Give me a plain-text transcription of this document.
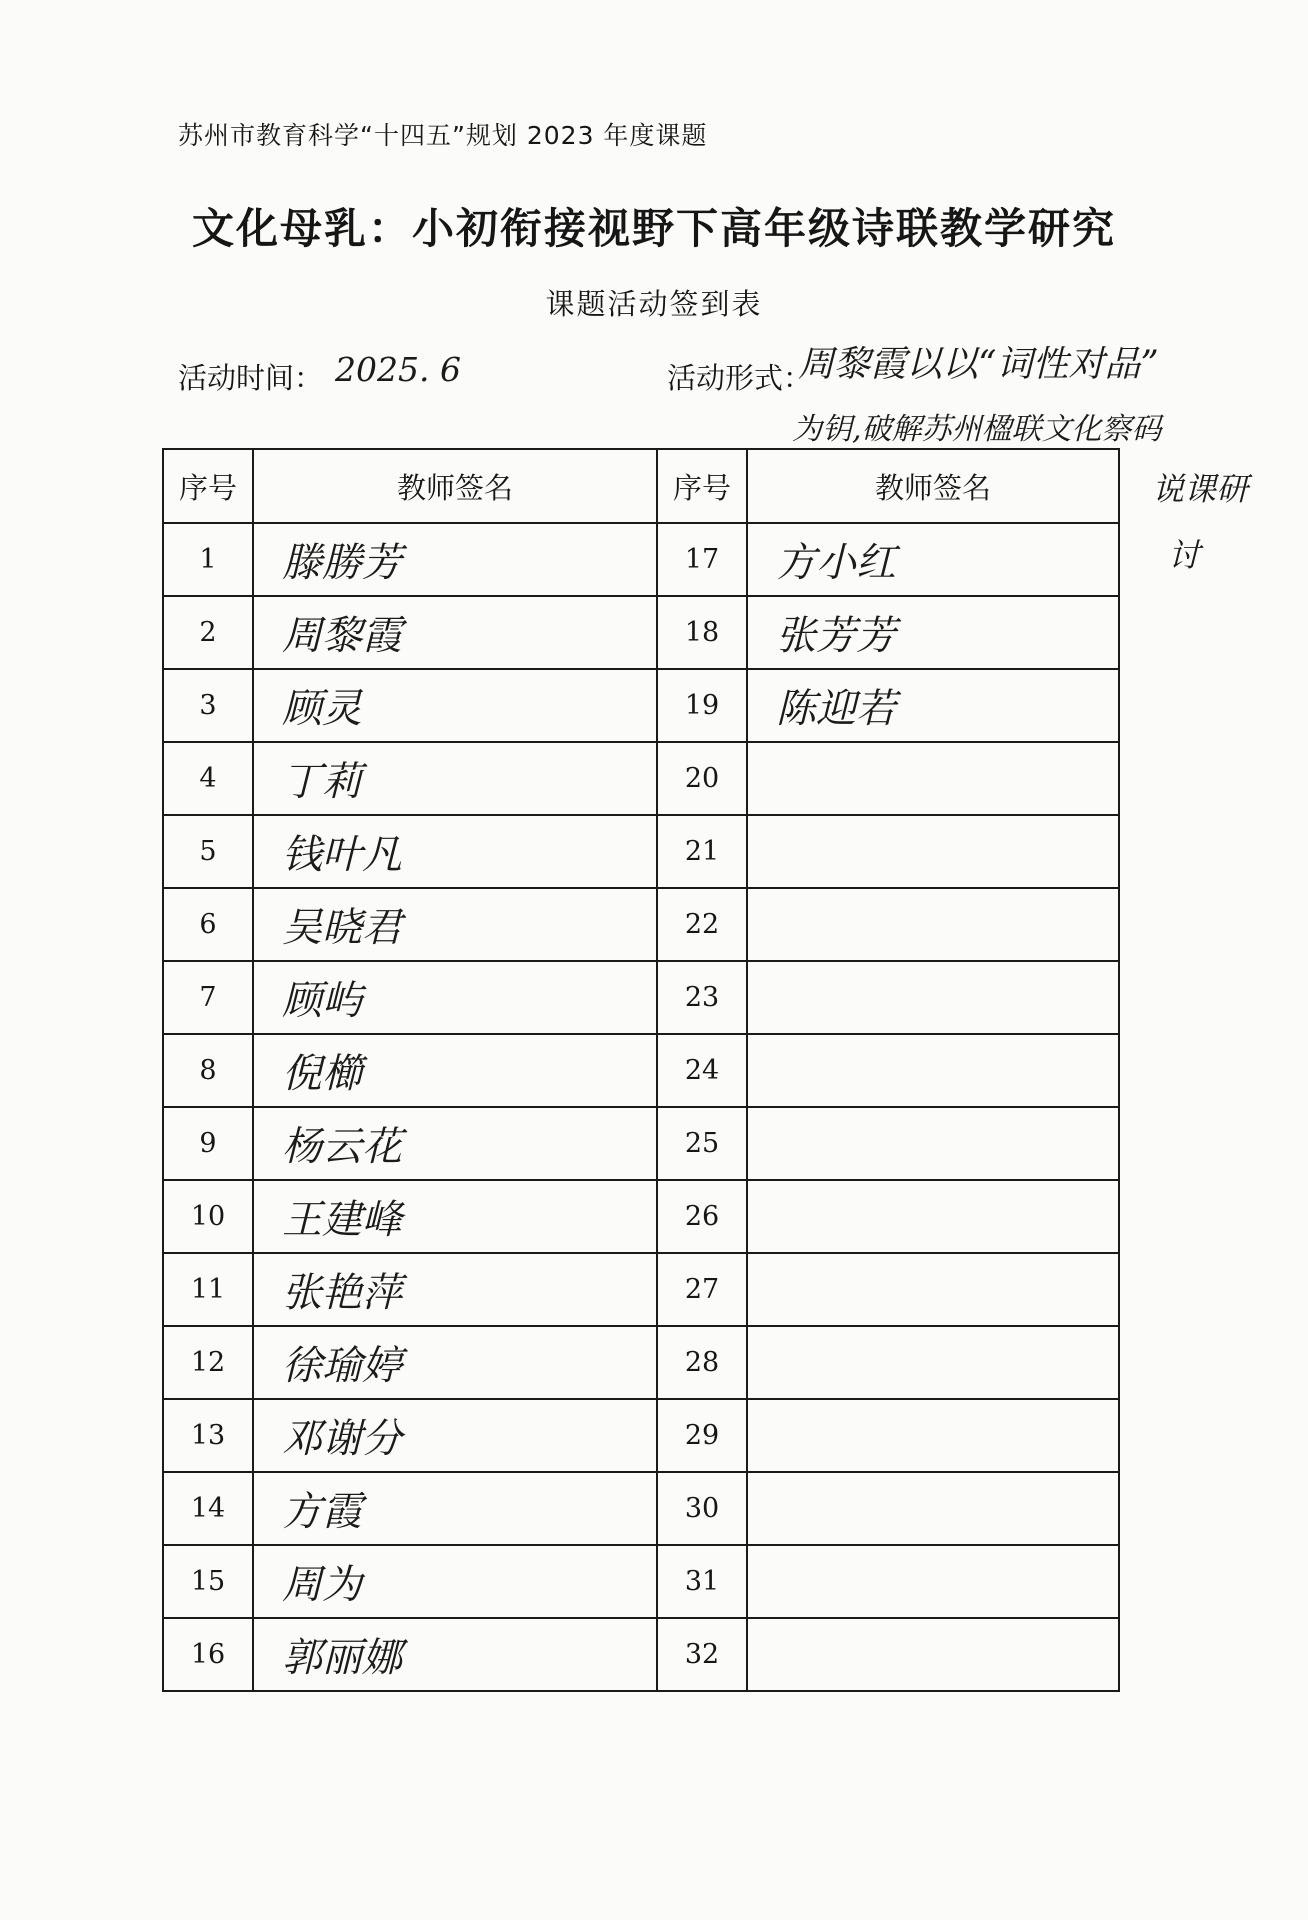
苏州市教育科学“十四五”规划 2023 年度课题
文化母乳：小初衔接视野下高年级诗联教学研究
课题活动签到表
活动时间： 2025. 6	活动形式：
周黎霞以以“词性对品”
为钥,破解苏州楹联文化察码
说课研
讨
序号	教师签名	序号	教师签名
1	滕勝芳	17	方小红
2	周黎霞	18	张芳芳
3	顾灵	19	陈迎若
4	丁莉	20	
5	钱叶凡	21	
6	吴晓君	22	
7	顾屿	23	
8	倪櫛	24	
9	杨云花	25	
10	王建峰	26	
11	张艳萍	27	
12	徐瑜婷	28	
13	邓谢分	29	
14	方霞	30	
15	周为	31	
16	郭丽娜	32	
